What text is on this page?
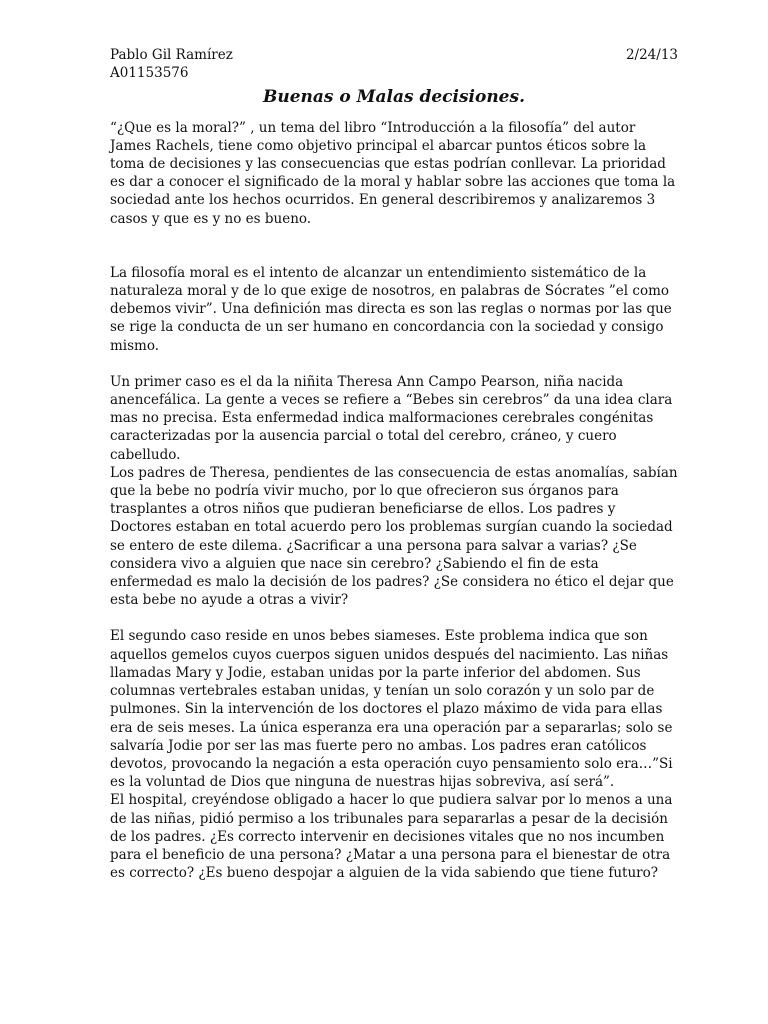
Pablo Gil Ramírez	2/24/13
A01153576
Buenas o Malas decisiones.

“¿Que es la moral?” , un tema del libro “Introducción a la filosofía” del autor James Rachels, tiene como objetivo principal el abarcar puntos éticos sobre la toma de decisiones y las consecuencias que estas podrían conllevar. La prioridad es dar a conocer el significado de la moral y hablar sobre las acciones que toma la sociedad ante los hechos ocurridos. En general describiremos y analizaremos 3 casos y que es y no es bueno.

La filosofía moral es el intento de alcanzar un entendimiento sistemático de la naturaleza moral y de lo que exige de nosotros, en palabras de Sócrates ”el como debemos vivir”. Una definición mas directa es son las reglas o normas por las que se rige la conducta de un ser humano en concordancia con la sociedad y consigo mismo.

Un primer caso es el da la niñita Theresa Ann Campo Pearson, niña nacida anencefálica. La gente a veces se refiere a “Bebes sin cerebros” da una idea clara mas no precisa. Esta enfermedad indica malformaciones cerebrales congénitas caracterizadas por la ausencia parcial o total del cerebro, cráneo, y cuero cabelludo.

Los padres de Theresa, pendientes de las consecuencia de estas anomalías, sabían que la bebe no podría vivir mucho, por lo que ofrecieron sus órganos para trasplantes a otros niños que pudieran beneficiarse de ellos. Los padres y Doctores estaban en total acuerdo pero los problemas surgían cuando la sociedad se entero de este dilema. ¿Sacrificar a una persona para salvar a varias? ¿Se considera vivo a alguien que nace sin cerebro? ¿Sabiendo el fin de esta enfermedad es malo la decisión de los padres? ¿Se considera no ético el dejar que esta bebe no ayude a otras a vivir?

El segundo caso reside en unos bebes siameses. Este problema indica que son aquellos gemelos cuyos cuerpos siguen unidos después del nacimiento. Las niñas llamadas Mary y Jodie, estaban unidas por la parte inferior del abdomen. Sus columnas vertebrales estaban unidas, y tenían un solo corazón y un solo par de pulmones. Sin la intervención de los doctores el plazo máximo de vida para ellas era de seis meses. La única esperanza era una operación par a separarlas; solo se salvaría Jodie por ser las mas fuerte pero no ambas. Los padres eran católicos devotos, provocando la negación a esta operación cuyo pensamiento solo era…”Si es la voluntad de Dios que ninguna de nuestras hijas sobreviva, así será”.

El hospital, creyéndose obligado a hacer lo que pudiera salvar por lo menos a una de las niñas, pidió permiso a los tribunales para separarlas a pesar de la decisión de los padres. ¿Es correcto intervenir en decisiones vitales que no nos incumben para el beneficio de una persona? ¿Matar a una persona para el bienestar de otra es correcto? ¿Es bueno despojar a alguien de la vida sabiendo que tiene futuro?
